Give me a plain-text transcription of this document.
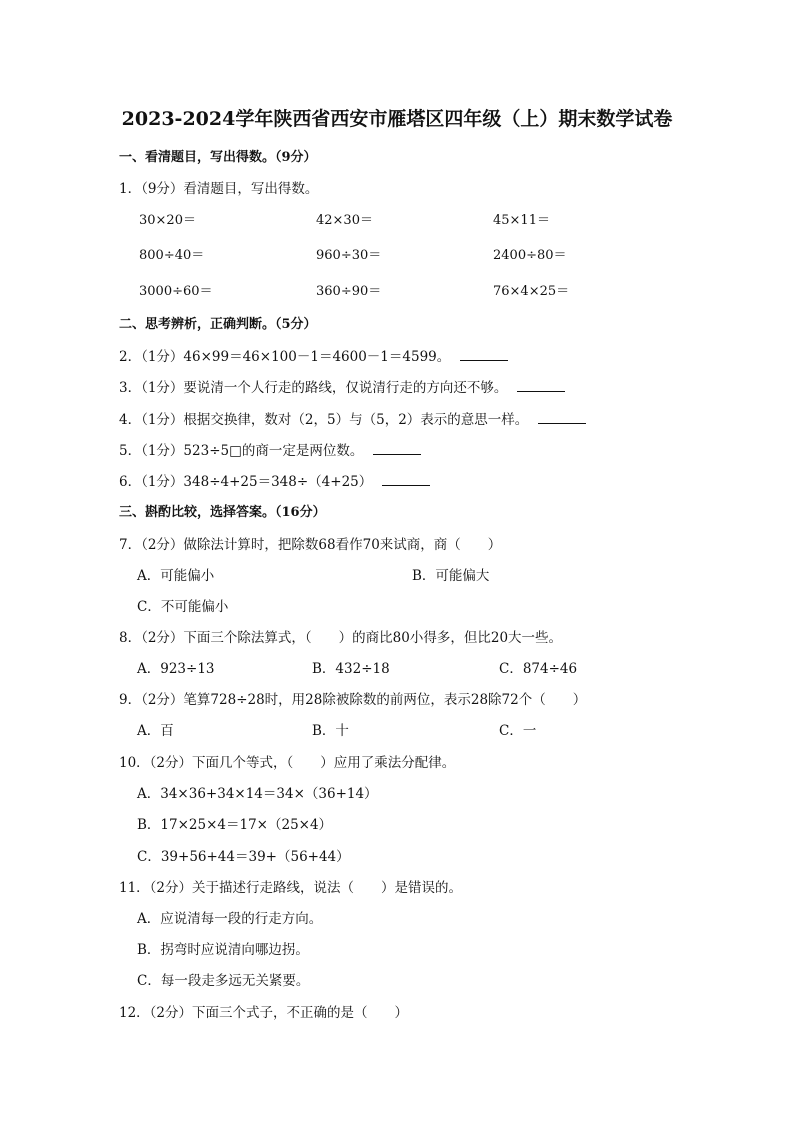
2023-2024学年陕西省西安市雁塔区四年级（上）期末数学试卷
一、看清题目，写出得数。（9分）
1．（9分）看清题目，写出得数。
30×20＝	42×30＝	45×11＝
800÷40＝	960÷30＝	2400÷80＝
3000÷60＝	360÷90＝	76×4×25＝
二、思考辨析，正确判断。（5分）
2．（1分）46×99＝46×100－1＝4600－1＝4599。
3．（1分）要说清一个人行走的路线，仅说清行走的方向还不够。
4．（1分）根据交换律，数对（2，5）与（5，2）表示的意思一样。
5．（1分）523÷5□的商一定是两位数。
6．（1分）348÷4+25＝348÷（4+25）
三、斟酌比较，选择答案。（16分）
7．（2分）做除法计算时，把除数68看作70来试商，商（　　）
A．可能偏小	B．可能偏大
C．不可能偏小
8．（2分）下面三个除法算式，（　　）的商比80小得多，但比20大一些。
A．923÷13	B．432÷18	C．874÷46
9．（2分）笔算728÷28时，用28除被除数的前两位，表示28除72个（　　）
A．百	B．十	C．一
10．（2分）下面几个等式，（　　）应用了乘法分配律。
A．34×36+34×14＝34×（36+14）
B．17×25×4＝17×（25×4）
C．39+56+44＝39+（56+44）
11．（2分）关于描述行走路线，说法（　　）是错误的。
A．应说清每一段的行走方向。
B．拐弯时应说清向哪边拐。
C．每一段走多远无关紧要。
12．（2分）下面三个式子，不正确的是（　　）
